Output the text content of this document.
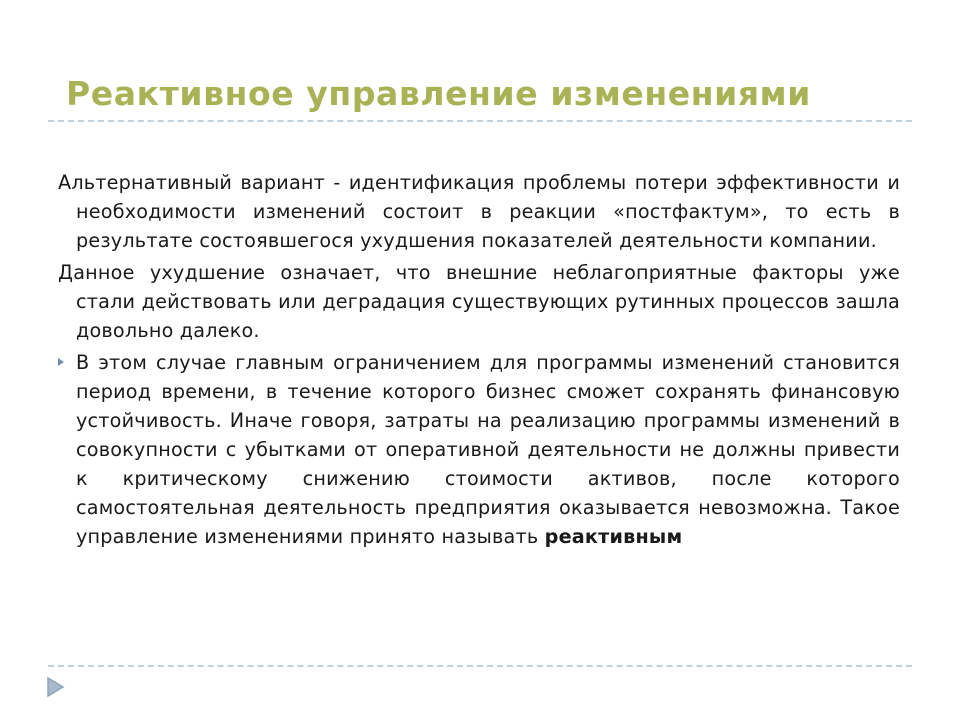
Реактивное управление изменениями

Альтернативный вариант - идентификация проблемы потери эффективности и необходимости изменений состоит в реакции «постфактум», то есть в результате состоявшегося ухудшения показателей деятельности компании.

Данное ухудшение означает, что внешние неблагоприятные факторы уже стали действовать или деградация существующих рутинных процессов зашла довольно далеко.

В этом случае главным ограничением для программы изменений становится период времени, в течение которого бизнес сможет сохранять финансовую устойчивость. Иначе говоря, затраты на реализацию программы изменений в совокупности с убытками от оперативной деятельности не должны привести к критическому снижению стоимости активов, после которого самостоятельная деятельность предприятия оказывается невозможна. Такое управление изменениями принято называть реактивным
